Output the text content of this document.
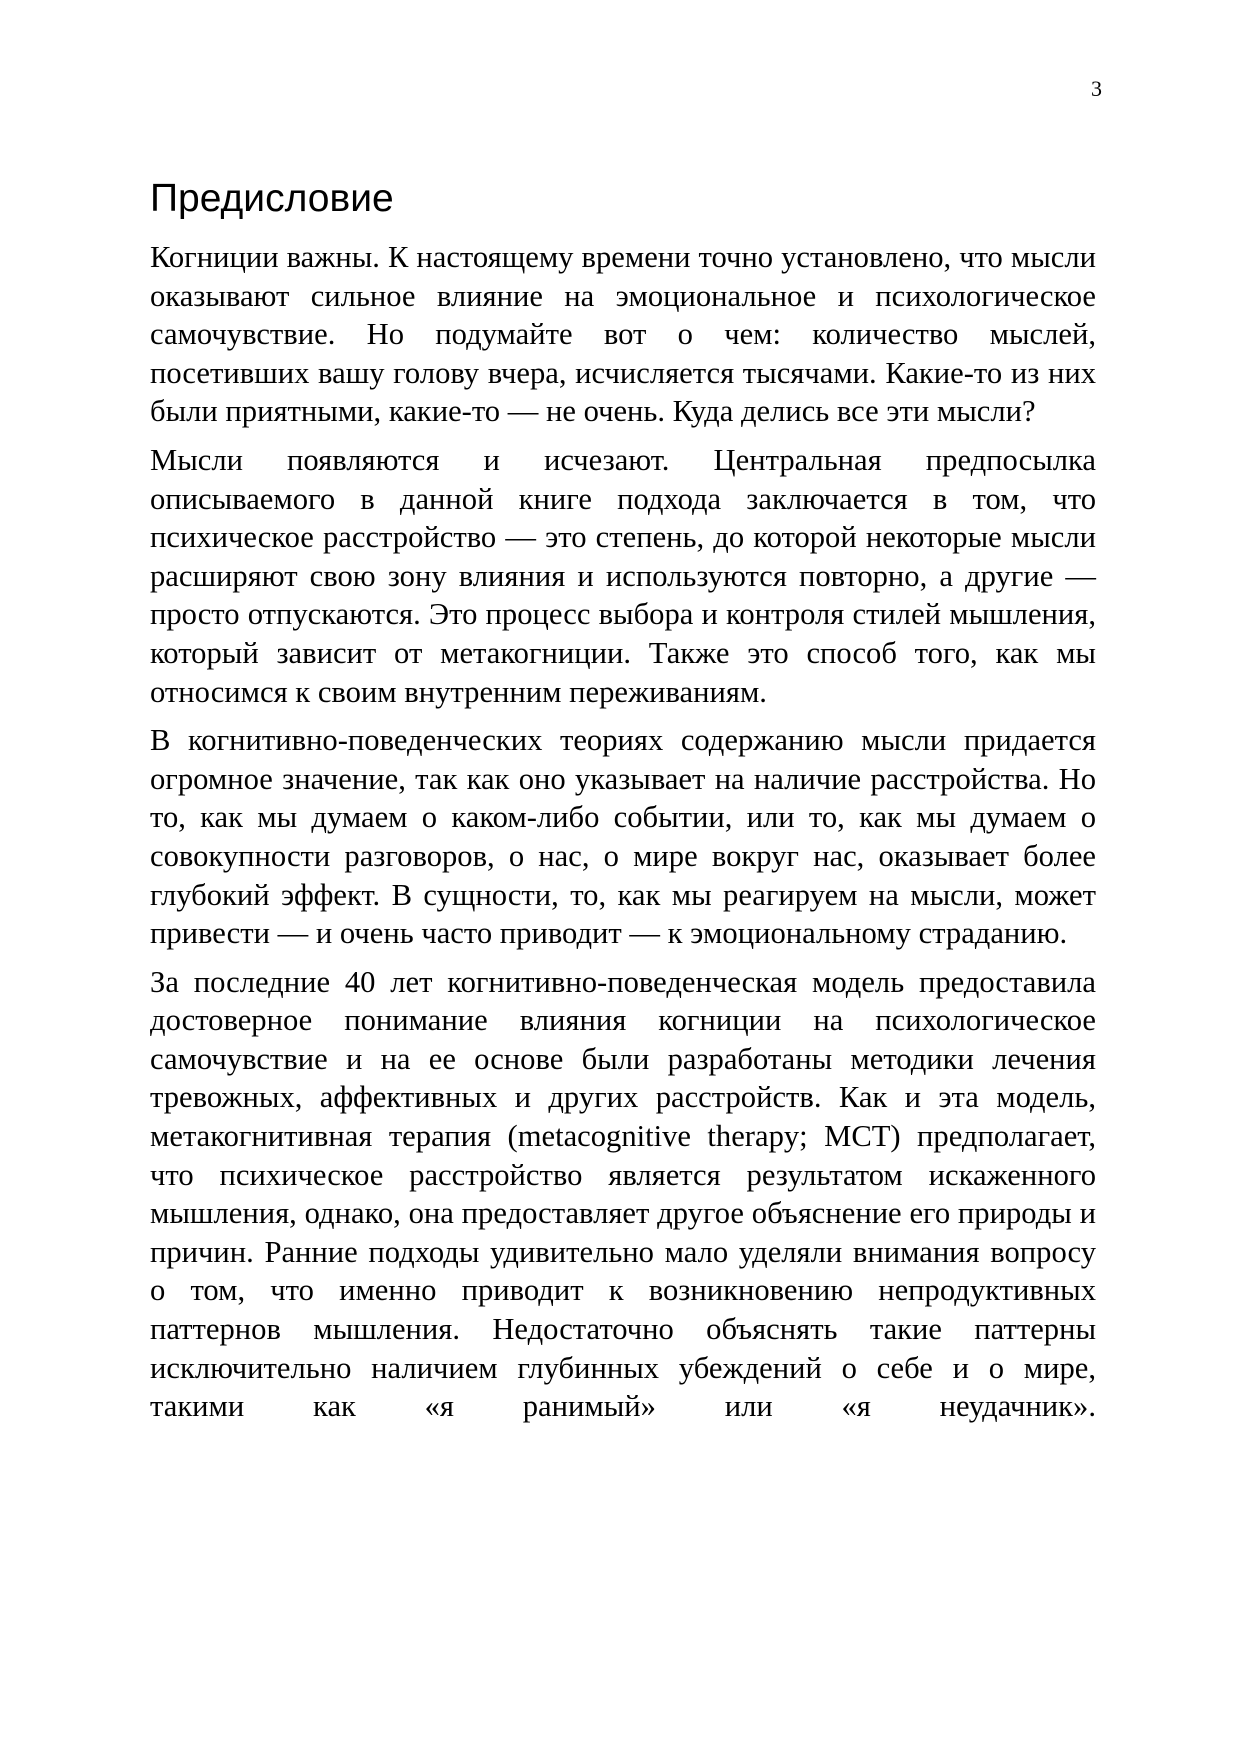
3
Предисловие

Когниции важны. К настоящему времени точно установлено, что мысли оказывают сильное влияние на эмоциональное и психологическое самочувствие. Но подумайте вот о чем: количество мыслей, посетивших вашу голову вчера, исчисляется тысячами. Какие-то из них были приятными, какие-то — не очень. Куда делись все эти мысли?

Мысли появляются и исчезают. Центральная предпосылка описываемого в данной книге подхода заключается в том, что психическое расстройство — это степень, до которой некоторые мысли расширяют свою зону влияния и используются повторно, а другие — просто отпускаются. Это процесс выбора и контроля стилей мышления, который зависит от метакогниции. Также это способ того, как мы относимся к своим внутренним переживаниям.

В когнитивно-поведенческих теориях содержанию мысли придается огромное значение, так как оно указывает на наличие расстройства. Но то, как мы думаем о каком-либо событии, или то, как мы думаем о совокупности разговоров, о нас, о мире вокруг нас, оказывает более глубокий эффект. В сущности, то, как мы реагируем на мысли, может привести — и очень часто приводит — к эмоциональному страданию.

За последние 40 лет когнитивно-поведенческая модель предоставила достоверное понимание влияния когниции на психологическое самочувствие и на ее основе были разработаны методики лечения тревожных, аффективных и других расстройств. Как и эта модель, метакогнитивная терапия (metacognitive therapy; MCT) предполагает, что психическое расстройство является результатом искаженного мышления, однако, она предоставляет другое объяснение его природы и причин. Ранние подходы удивительно мало уделяли внимания вопросу о том, что именно приводит к возникновению непродуктивных паттернов мышления. Недостаточно объяснять такие паттерны исключительно наличием глубинных убеждений о себе и о мире, такими как «я ранимый» или «я неудачник».
